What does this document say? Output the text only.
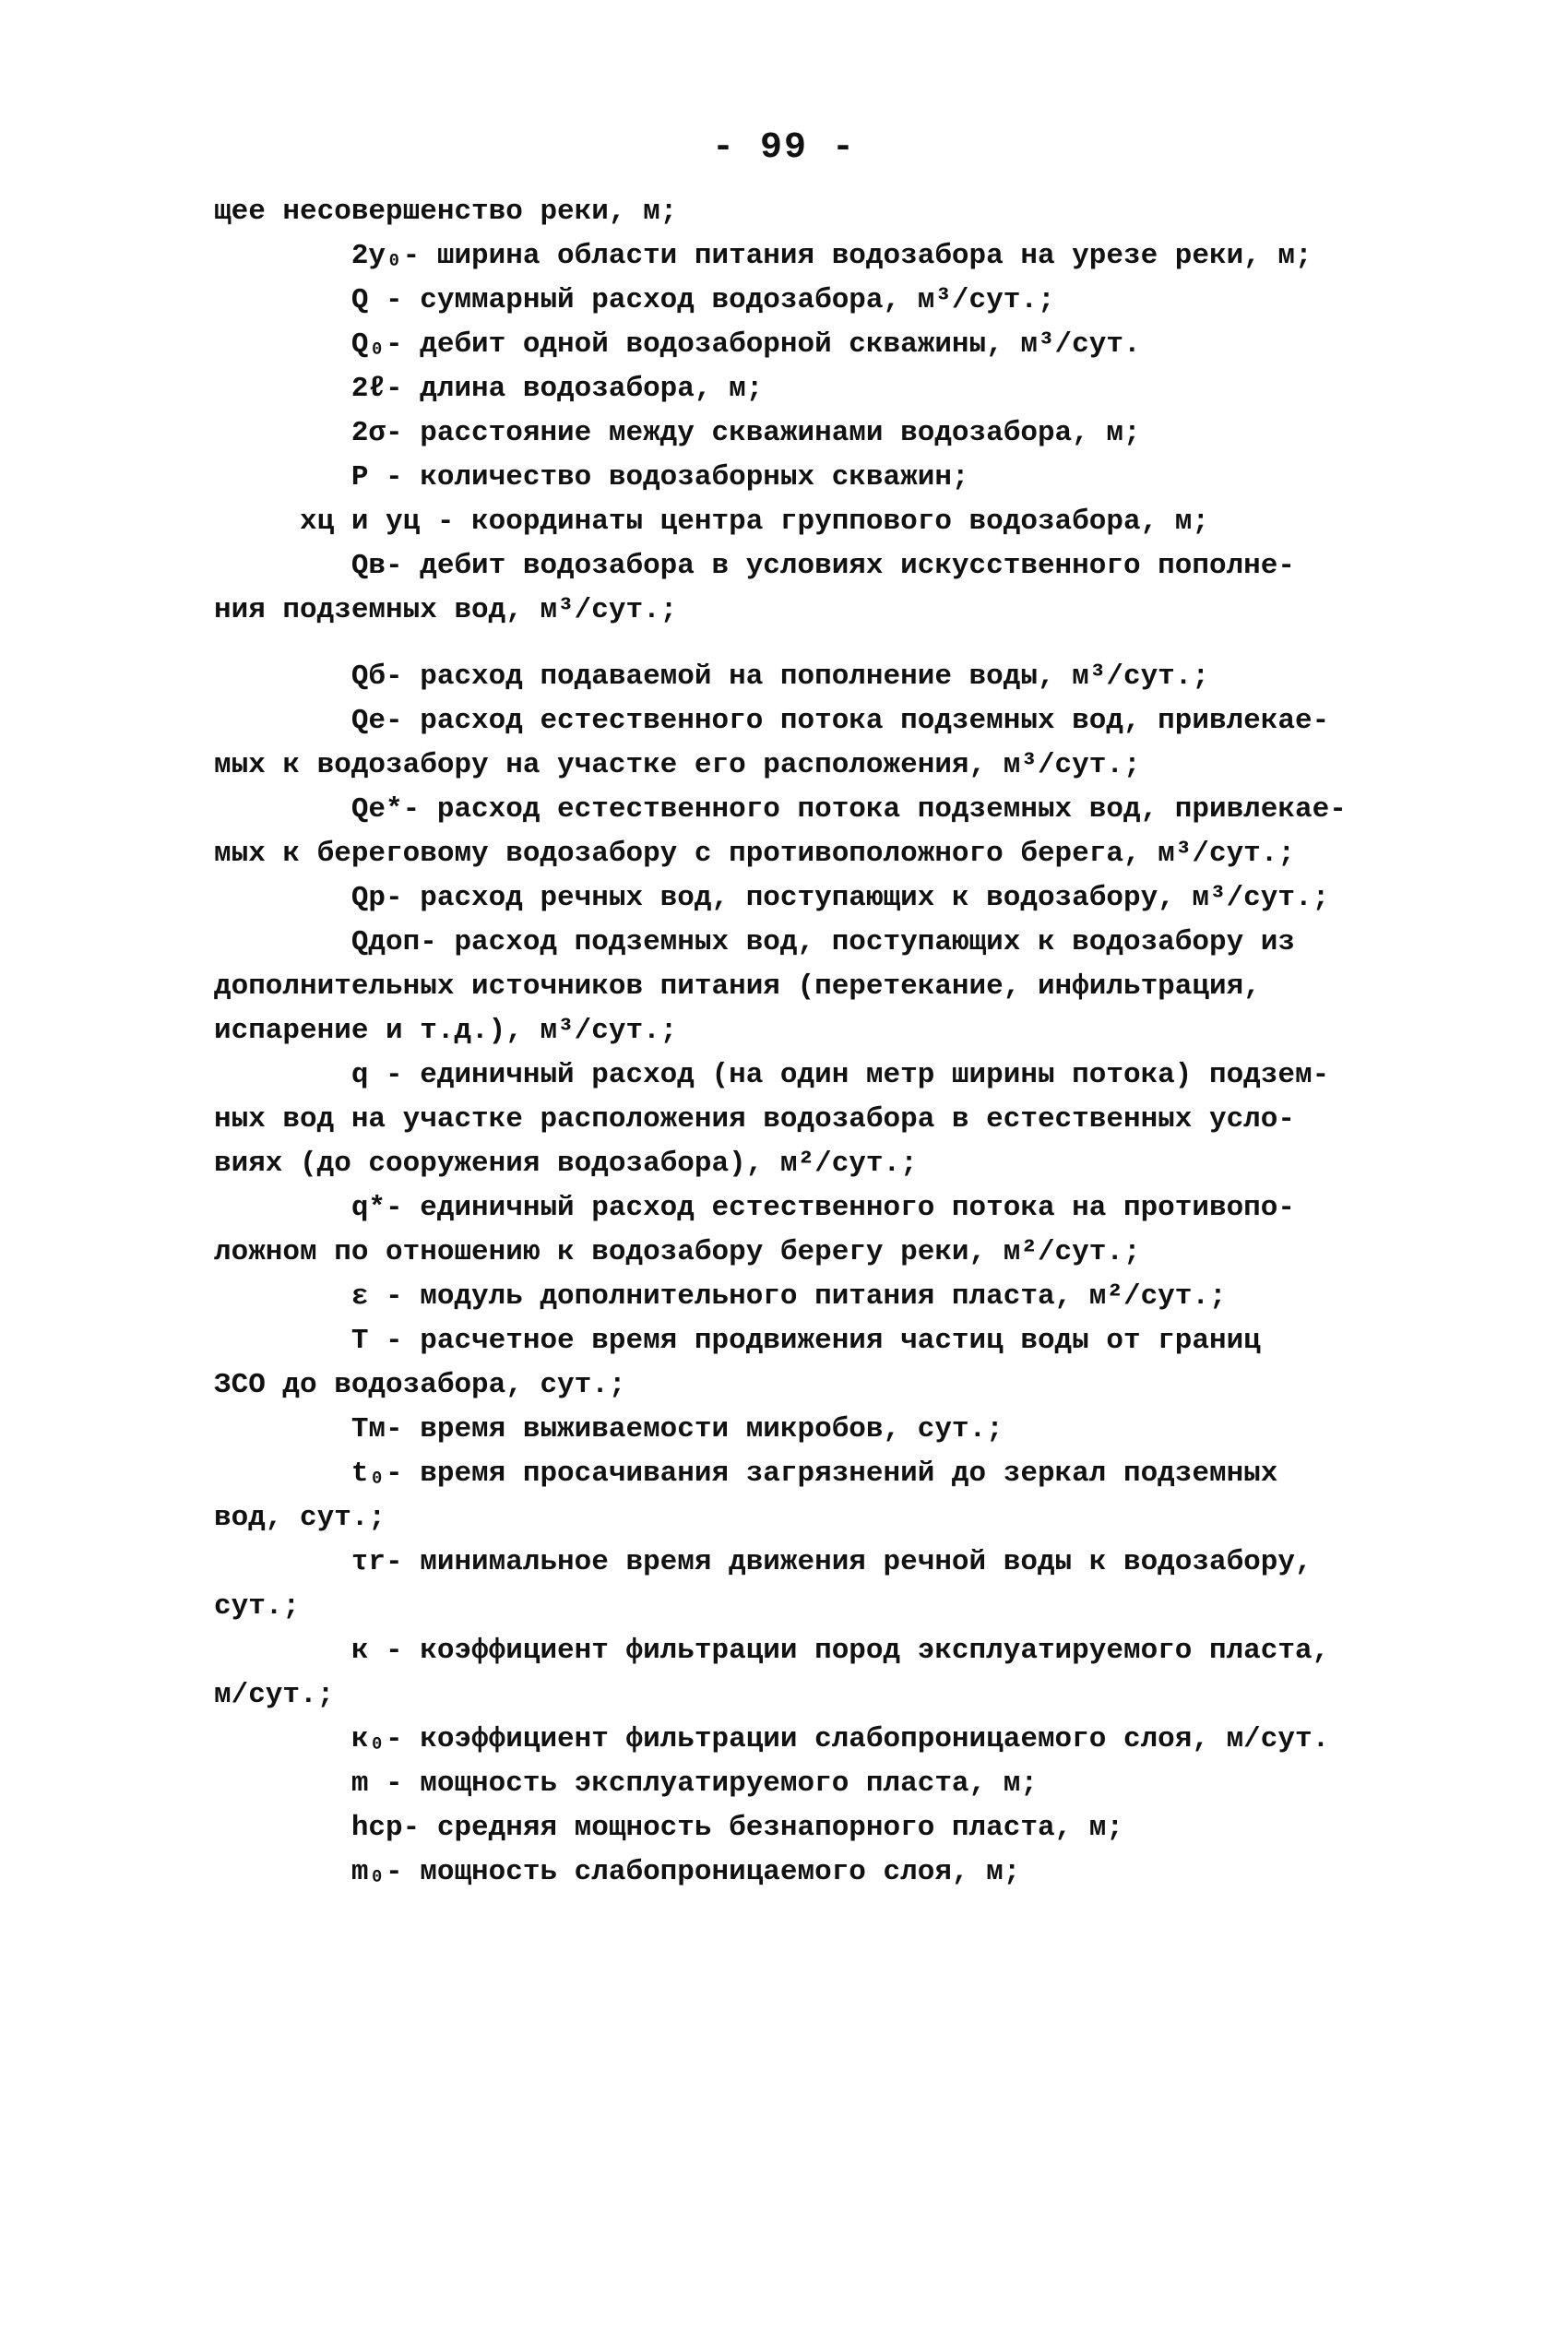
- 99 -
щее несовершенство реки, м;
2y₀- ширина области питания водозабора на урезе реки, м;
Q - суммарный расход водозабора, м³/сут.;
Q₀- дебит одной водозаборной скважины, м³/сут.
2ℓ- длина водозабора, м;
2σ- расстояние между скважинами водозабора, м;
P - количество водозаборных скважин;
xц и yц - координаты центра группового водозабора, м;
Qв- дебит водозабора в условиях искусственного пополне-
ния подземных вод, м³/сут.;
Qб- расход подаваемой на пополнение воды, м³/сут.;
Qе- расход естественного потока подземных вод, привлекае-
мых к водозабору на участке его расположения, м³/сут.;
Qе*- расход естественного потока подземных вод, привлекае-
мых к береговому водозабору с противоположного берега, м³/сут.;
Qр- расход речных вод, поступающих к водозабору, м³/сут.;
Qдоп- расход подземных вод, поступающих к водозабору из
дополнительных источников питания (перетекание, инфильтрация,
испарение и т.д.), м³/сут.;
q - единичный расход (на один метр ширины потока) подзем-
ных вод на участке расположения водозабора в естественных усло-
виях (до сооружения водозабора), м²/сут.;
q*- единичный расход естественного потока на противопо-
ложном по отношению к водозабору берегу реки, м²/сут.;
ε - модуль дополнительного питания пласта, м²/сут.;
T - расчетное время продвижения частиц воды от границ
ЗСО до водозабора, сут.;
Tм- время выживаемости микробов, сут.;
t₀- время просачивания загрязнений до зеркал подземных
вод, сут.;
τr- минимальное время движения речной воды к водозабору,
сут.;
к - коэффициент фильтрации пород эксплуатируемого пласта,
м/сут.;
к₀- коэффициент фильтрации слабопроницаемого слоя, м/сут.
m - мощность эксплуатируемого пласта, м;
hср- средняя мощность безнапорного пласта, м;
m₀- мощность слабопроницаемого слоя, м;
